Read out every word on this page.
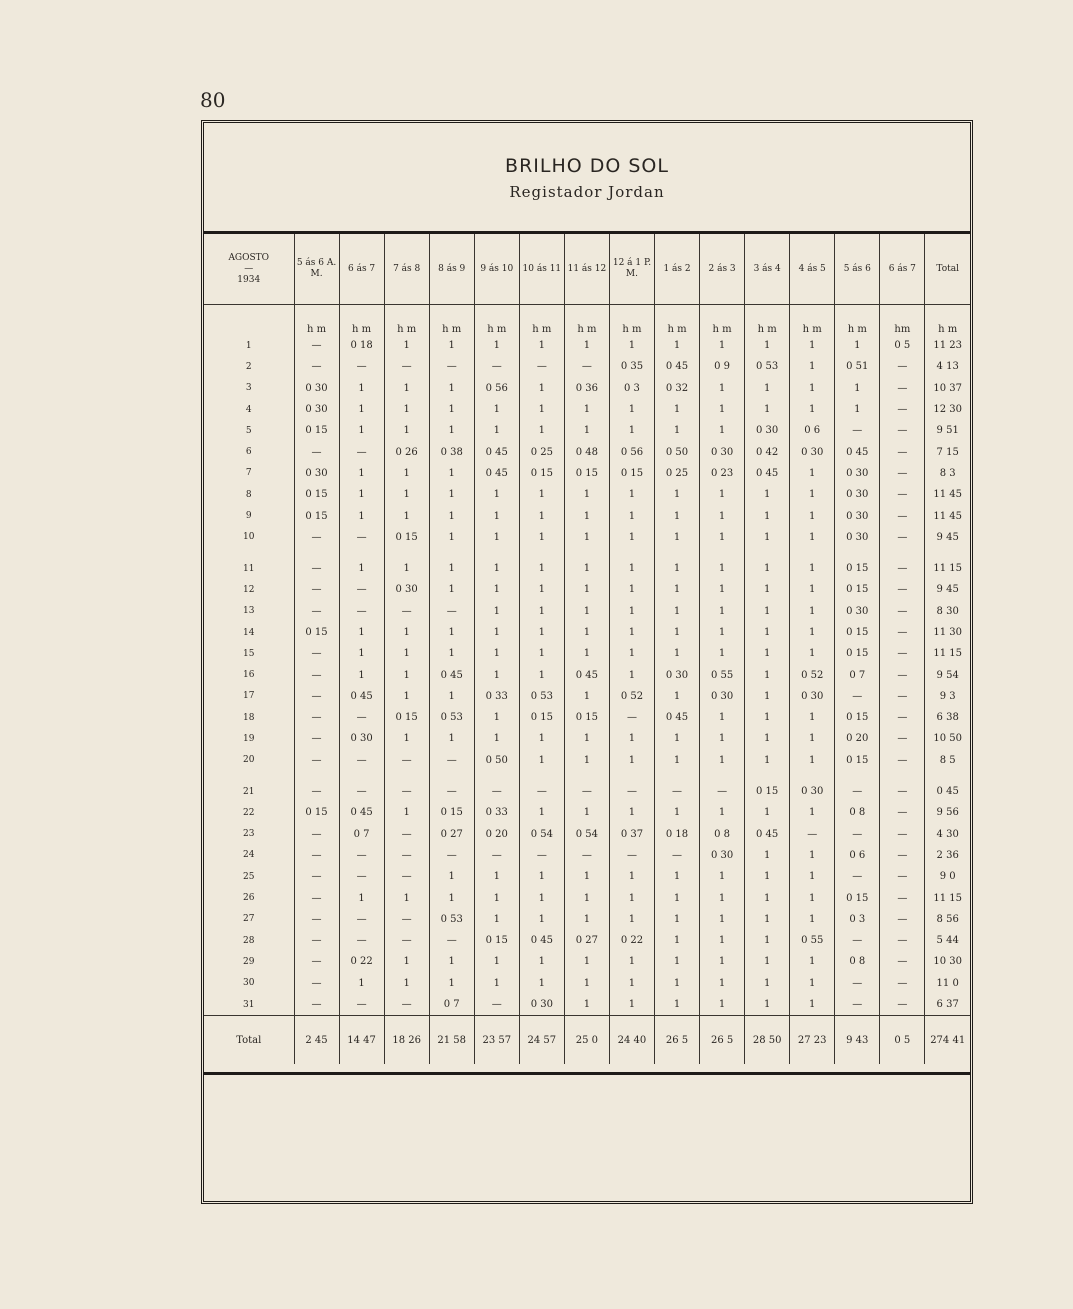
80
BRILHO DO SOL
Registador Jordan
AGOSTO
—
1934	5 ás 6 A. M.	6 ás 7	7 ás 8	8 ás 9	9 ás 10	10 ás 11	11 ás 12	12 á 1 P. M.	1 ás 2	2 ás 3	3 ás 4	4 ás 5	5 ás 6	6 ás 7	Total
	h m	h m	h m	h m	h m	h m	h m	h m	h m	h m	h m	h m	h m	hm	h m
1	—	0 18	1	1	1	1	1	1	1	1	1	1	1	0 5	11 23
2	—	—	—	—	—	—	—	0 35	0 45	0 9	0 53	1	0 51	—	4 13
3	0 30	1	1	1	0 56	1	0 36	0 3	0 32	1	1	1	1	—	10 37
4	0 30	1	1	1	1	1	1	1	1	1	1	1	1	—	12 30
5	0 15	1	1	1	1	1	1	1	1	1	0 30	0 6	—	—	9 51
6	—	—	0 26	0 38	0 45	0 25	0 48	0 56	0 50	0 30	0 42	0 30	0 45	—	7 15
7	0 30	1	1	1	0 45	0 15	0 15	0 15	0 25	0 23	0 45	1	0 30	—	8 3
8	0 15	1	1	1	1	1	1	1	1	1	1	1	0 30	—	11 45
9	0 15	1	1	1	1	1	1	1	1	1	1	1	0 30	—	11 45
10	—	—	0 15	1	1	1	1	1	1	1	1	1	0 30	—	9 45
11	—	1	1	1	1	1	1	1	1	1	1	1	0 15	—	11 15
12	—	—	0 30	1	1	1	1	1	1	1	1	1	0 15	—	9 45
13	—	—	—	—	1	1	1	1	1	1	1	1	0 30	—	8 30
14	0 15	1	1	1	1	1	1	1	1	1	1	1	0 15	—	11 30
15	—	1	1	1	1	1	1	1	1	1	1	1	0 15	—	11 15
16	—	1	1	0 45	1	1	0 45	1	0 30	0 55	1	0 52	0 7	—	9 54
17	—	0 45	1	1	0 33	0 53	1	0 52	1	0 30	1	0 30	—	—	9 3
18	—	—	0 15	0 53	1	0 15	0 15	—	0 45	1	1	1	0 15	—	6 38
19	—	0 30	1	1	1	1	1	1	1	1	1	1	0 20	—	10 50
20	—	—	—	—	0 50	1	1	1	1	1	1	1	0 15	—	8 5
21	—	—	—	—	—	—	—	—	—	—	0 15	0 30	—	—	0 45
22	0 15	0 45	1	0 15	0 33	1	1	1	1	1	1	1	0 8	—	9 56
23	—	0 7	—	0 27	0 20	0 54	0 54	0 37	0 18	0 8	0 45	—	—	—	4 30
24	—	—	—	—	—	—	—	—	—	0 30	1	1	0 6	—	2 36
25	—	—	—	1	1	1	1	1	1	1	1	1	—	—	9 0
26	—	1	1	1	1	1	1	1	1	1	1	1	0 15	—	11 15
27	—	—	—	0 53	1	1	1	1	1	1	1	1	0 3	—	8 56
28	—	—	—	—	0 15	0 45	0 27	0 22	1	1	1	0 55	—	—	5 44
29	—	0 22	1	1	1	1	1	1	1	1	1	1	0 8	—	10 30
30	—	1	1	1	1	1	1	1	1	1	1	1	—	—	11 0
31	—	—	—	0 7	—	0 30	1	1	1	1	1	1	—	—	6 37
Total	2 45	14 47	18 26	21 58	23 57	24 57	25 0	24 40	26 5	26 5	28 50	27 23	9 43	0 5	274 41
